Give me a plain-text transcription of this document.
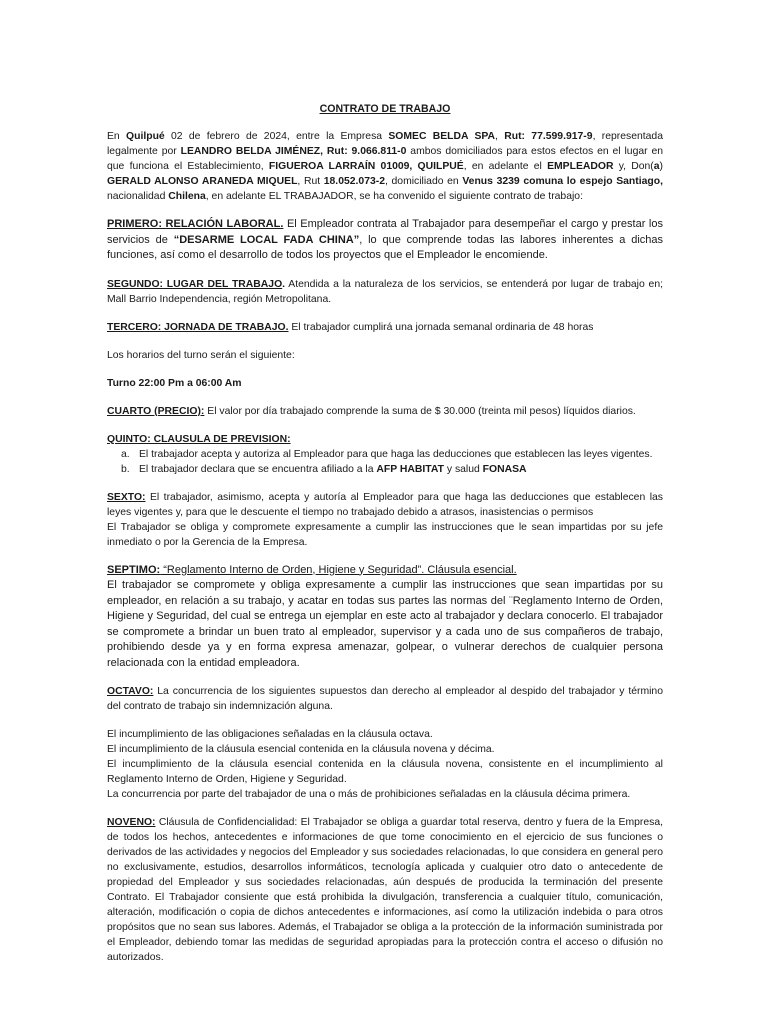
CONTRATO DE TRABAJO

En Quilpué 02 de febrero de 2024, entre la Empresa SOMEC BELDA SPA, Rut: 77.599.917-9, representada legalmente por LEANDRO BELDA JIMÉNEZ, Rut: 9.066.811-0 ambos domiciliados para estos efectos en el lugar en que funciona el Establecimiento, FIGUEROA LARRAÍN 01009, QUILPUÉ, en adelante el EMPLEADOR y, Don(a) GERALD ALONSO ARANEDA MIQUEL, Rut 18.052.073-2, domiciliado en Venus 3239 comuna lo espejo Santiago, nacionalidad Chilena, en adelante EL TRABAJADOR, se ha convenido el siguiente contrato de trabajo:

PRIMERO: RELACIÓN LABORAL. El Empleador contrata al Trabajador para desempeñar el cargo y prestar los servicios de “DESARME LOCAL FADA CHINA”, lo que comprende todas las labores inherentes a dichas funciones, así como el desarrollo de todos los proyectos que el Empleador le encomiende.

SEGUNDO: LUGAR DEL TRABAJO. Atendida a la naturaleza de los servicios, se entenderá por lugar de trabajo en; Mall Barrio Independencia, región Metropolitana.

TERCERO: JORNADA DE TRABAJO. El trabajador cumplirá una jornada semanal ordinaria de 48 horas

Los horarios del turno serán el siguiente:

Turno 22:00 Pm a 06:00 Am

CUARTO (PRECIO): El valor por día trabajado comprende la suma de $ 30.000 (treinta mil pesos) líquidos diarios.

QUINTO: CLAUSULA DE PREVISION:

a. El trabajador acepta y autoriza al Empleador para que haga las deducciones que establecen las leyes vigentes.
b. El trabajador declara que se encuentra afiliado a la AFP HABITAT y salud FONASA

SEXTO: El trabajador, asimismo, acepta y autoría al Empleador para que haga las deducciones que establecen las leyes vigentes y, para que le descuente el tiempo no trabajado debido a atrasos, inasistencias o permisos

El Trabajador se obliga y compromete expresamente a cumplir las instrucciones que le sean impartidas por su jefe inmediato o por la Gerencia de la Empresa.

SEPTIMO: “Reglamento Interno de Orden, Higiene y Seguridad”. Cláusula esencial.

El trabajador se compromete y obliga expresamente a cumplir las instrucciones que sean impartidas por su empleador, en relación a su trabajo, y acatar en todas sus partes las normas del ¨Reglamento Interno de Orden, Higiene y Seguridad, del cual se entrega un ejemplar en este acto al trabajador y declara conocerlo. El trabajador se compromete a brindar un buen trato al empleador, supervisor y a cada uno de sus compañeros de trabajo, prohibiendo desde ya y en forma expresa amenazar, golpear, o vulnerar derechos de cualquier persona relacionada con la entidad empleadora.

OCTAVO: La concurrencia de los siguientes supuestos dan derecho al empleador al despido del trabajador y término del contrato de trabajo sin indemnización alguna.

El incumplimiento de las obligaciones señaladas en la cláusula octava.

El incumplimiento de la cláusula esencial contenida en la cláusula novena y décima.

El incumplimiento de la cláusula esencial contenida en la cláusula novena, consistente en el incumplimiento al Reglamento Interno de Orden, Higiene y Seguridad.

La concurrencia por parte del trabajador de una o más de prohibiciones señaladas en la cláusula décima primera.

NOVENO: Cláusula de Confidencialidad: El Trabajador se obliga a guardar total reserva, dentro y fuera de la Empresa, de todos los hechos, antecedentes e informaciones de que tome conocimiento en el ejercicio de sus funciones o derivados de las actividades y negocios del Empleador y sus sociedades relacionadas, lo que considera en general pero no exclusivamente, estudios, desarrollos informáticos, tecnología aplicada y cualquier otro dato o antecedente de propiedad del Empleador y sus sociedades relacionadas, aún después de producida la terminación del presente Contrato. El Trabajador consiente que está prohibida la divulgación, transferencia a cualquier título, comunicación, alteración, modificación o copia de dichos antecedentes e informaciones, así como la utilización indebida o para otros propósitos que no sean sus labores. Además, el Trabajador se obliga a la protección de la información suministrada por el Empleador, debiendo tomar las medidas de seguridad apropiadas para la protección contra el acceso o difusión no autorizados.
